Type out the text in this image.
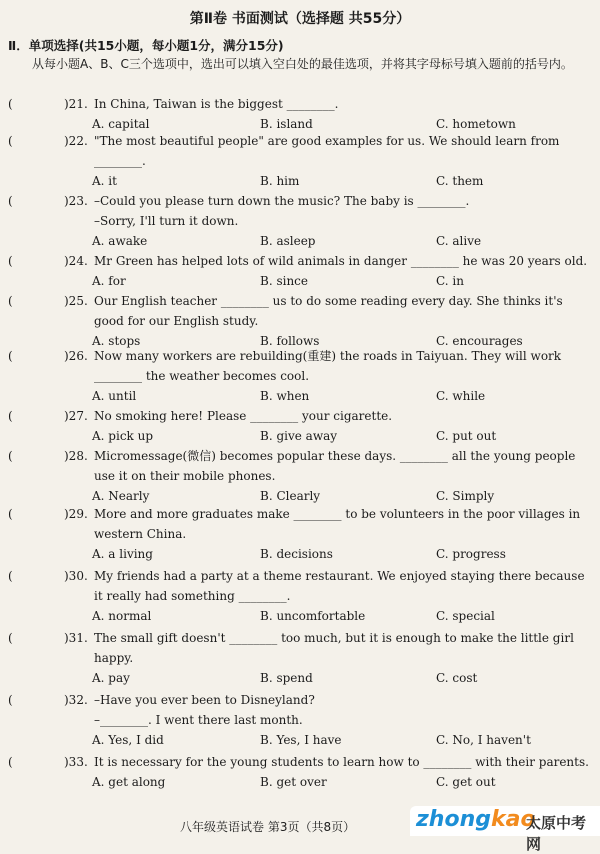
第Ⅱ卷 书面测试（选择题 共55分）
Ⅱ．单项选择(共15小题，每小题1分，满分15分)
从每小题A、B、C三个选项中，选出可以填入空白处的最佳选项，并将其字母标号填入题前的括号内。
(	)21. In China, Taiwan is the biggest ________.
A. capital	B. island	C. hometown
(	)22. "The most beautiful people" are good examples for us. We should learn from ________.
A. it	B. him	C. them
(	)23. –Could you please turn down the music? The baby is ________.
–Sorry, I'll turn it down.
A. awake	B. asleep	C. alive
(	)24. Mr Green has helped lots of wild animals in danger ________ he was 20 years old.
A. for	B. since	C. in
(	)25. Our English teacher ________ us to do some reading every day. She thinks it's good for our English study.
A. stops	B. follows	C. encourages
(	)26. Now many workers are rebuilding(重建) the roads in Taiyuan. They will work ________ the weather becomes cool.
A. until	B. when	C. while
(	)27. No smoking here! Please ________ your cigarette.
A. pick up	B. give away	C. put out
(	)28. Micromessage(微信) becomes popular these days. ________ all the young people use it on their mobile phones.
A. Nearly	B. Clearly	C. Simply
(	)29. More and more graduates make ________ to be volunteers in the poor villages in western China.
A. a living	B. decisions	C. progress
(	)30. My friends had a party at a theme restaurant. We enjoyed staying there because it really had something ________.
A. normal	B. uncomfortable	C. special
(	)31. The small gift doesn't ________ too much, but it is enough to make the little girl happy.
A. pay	B. spend	C. cost
(	)32. –Have you ever been to Disneyland?
–________. I went there last month.
A. Yes, I did	B. Yes, I have	C. No, I haven't
(	)33. It is necessary for the young students to learn how to ________ with their parents.
A. get along	B. get over	C. get out
八年级英语试卷 第3页（共8页）	zhongkao
太原中考网
